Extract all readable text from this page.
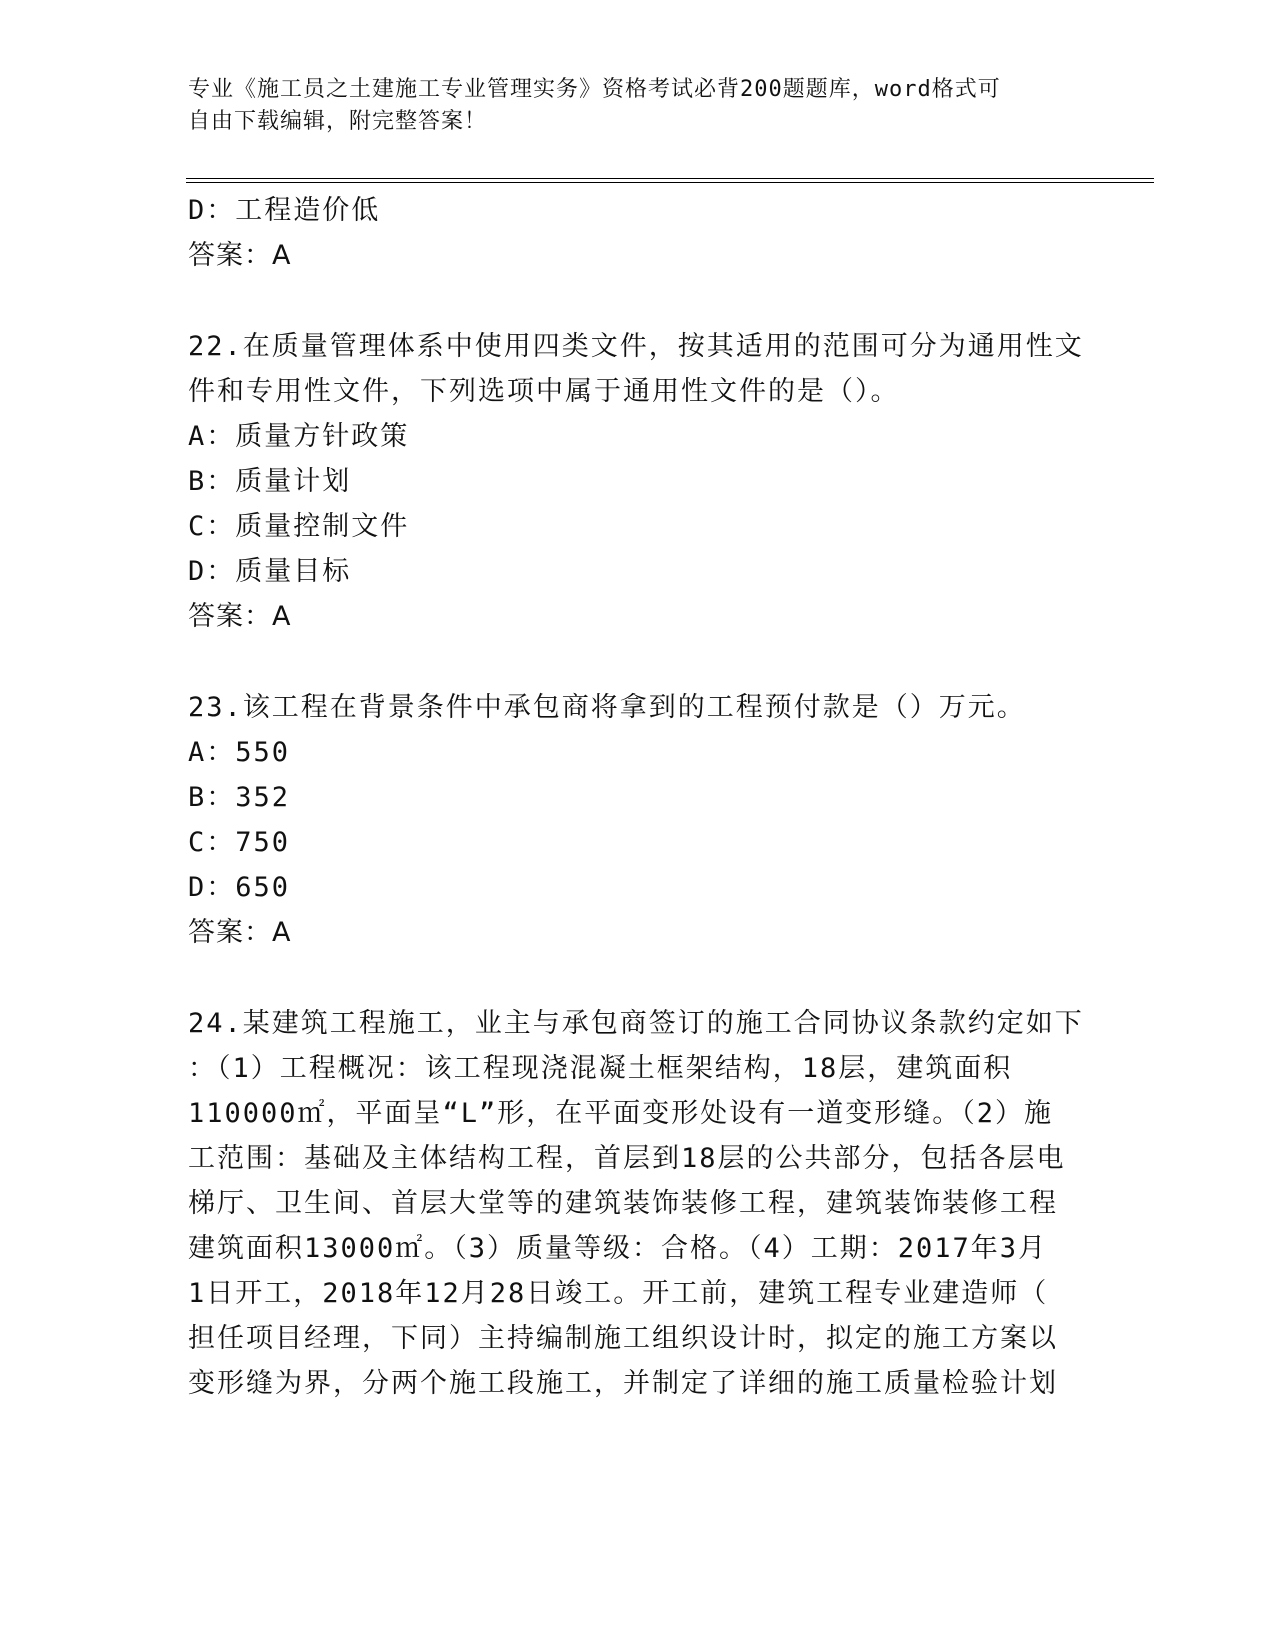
专业《施工员之土建施工专业管理实务》资格考试必背200题题库，word格式可
自由下载编辑，附完整答案！
D：工程造价低
答案：A
22.在质量管理体系中使用四类文件，按其适用的范围可分为通用性文
件和专用性文件，下列选项中属于通用性文件的是（）。
A：质量方针政策
B：质量计划
C：质量控制文件
D：质量目标
答案：A
23.该工程在背景条件中承包商将拿到的工程预付款是（）万元。
A：550
B：352
C：750
D：650
答案：A
24.某建筑工程施工，业主与承包商签订的施工合同协议条款约定如下
：（1）工程概况：该工程现浇混凝土框架结构，18层，建筑面积
110000㎡，平面呈“L”形，在平面变形处设有一道变形缝。（2）施
工范围：基础及主体结构工程，首层到18层的公共部分，包括各层电
梯厅、卫生间、首层大堂等的建筑装饰装修工程，建筑装饰装修工程
建筑面积13000㎡。（3）质量等级：合格。（4）工期：2017年3月
1日开工，2018年12月28日竣工。开工前，建筑工程专业建造师（
担任项目经理，下同）主持编制施工组织设计时，拟定的施工方案以
变形缝为界，分两个施工段施工，并制定了详细的施工质量检验计划
